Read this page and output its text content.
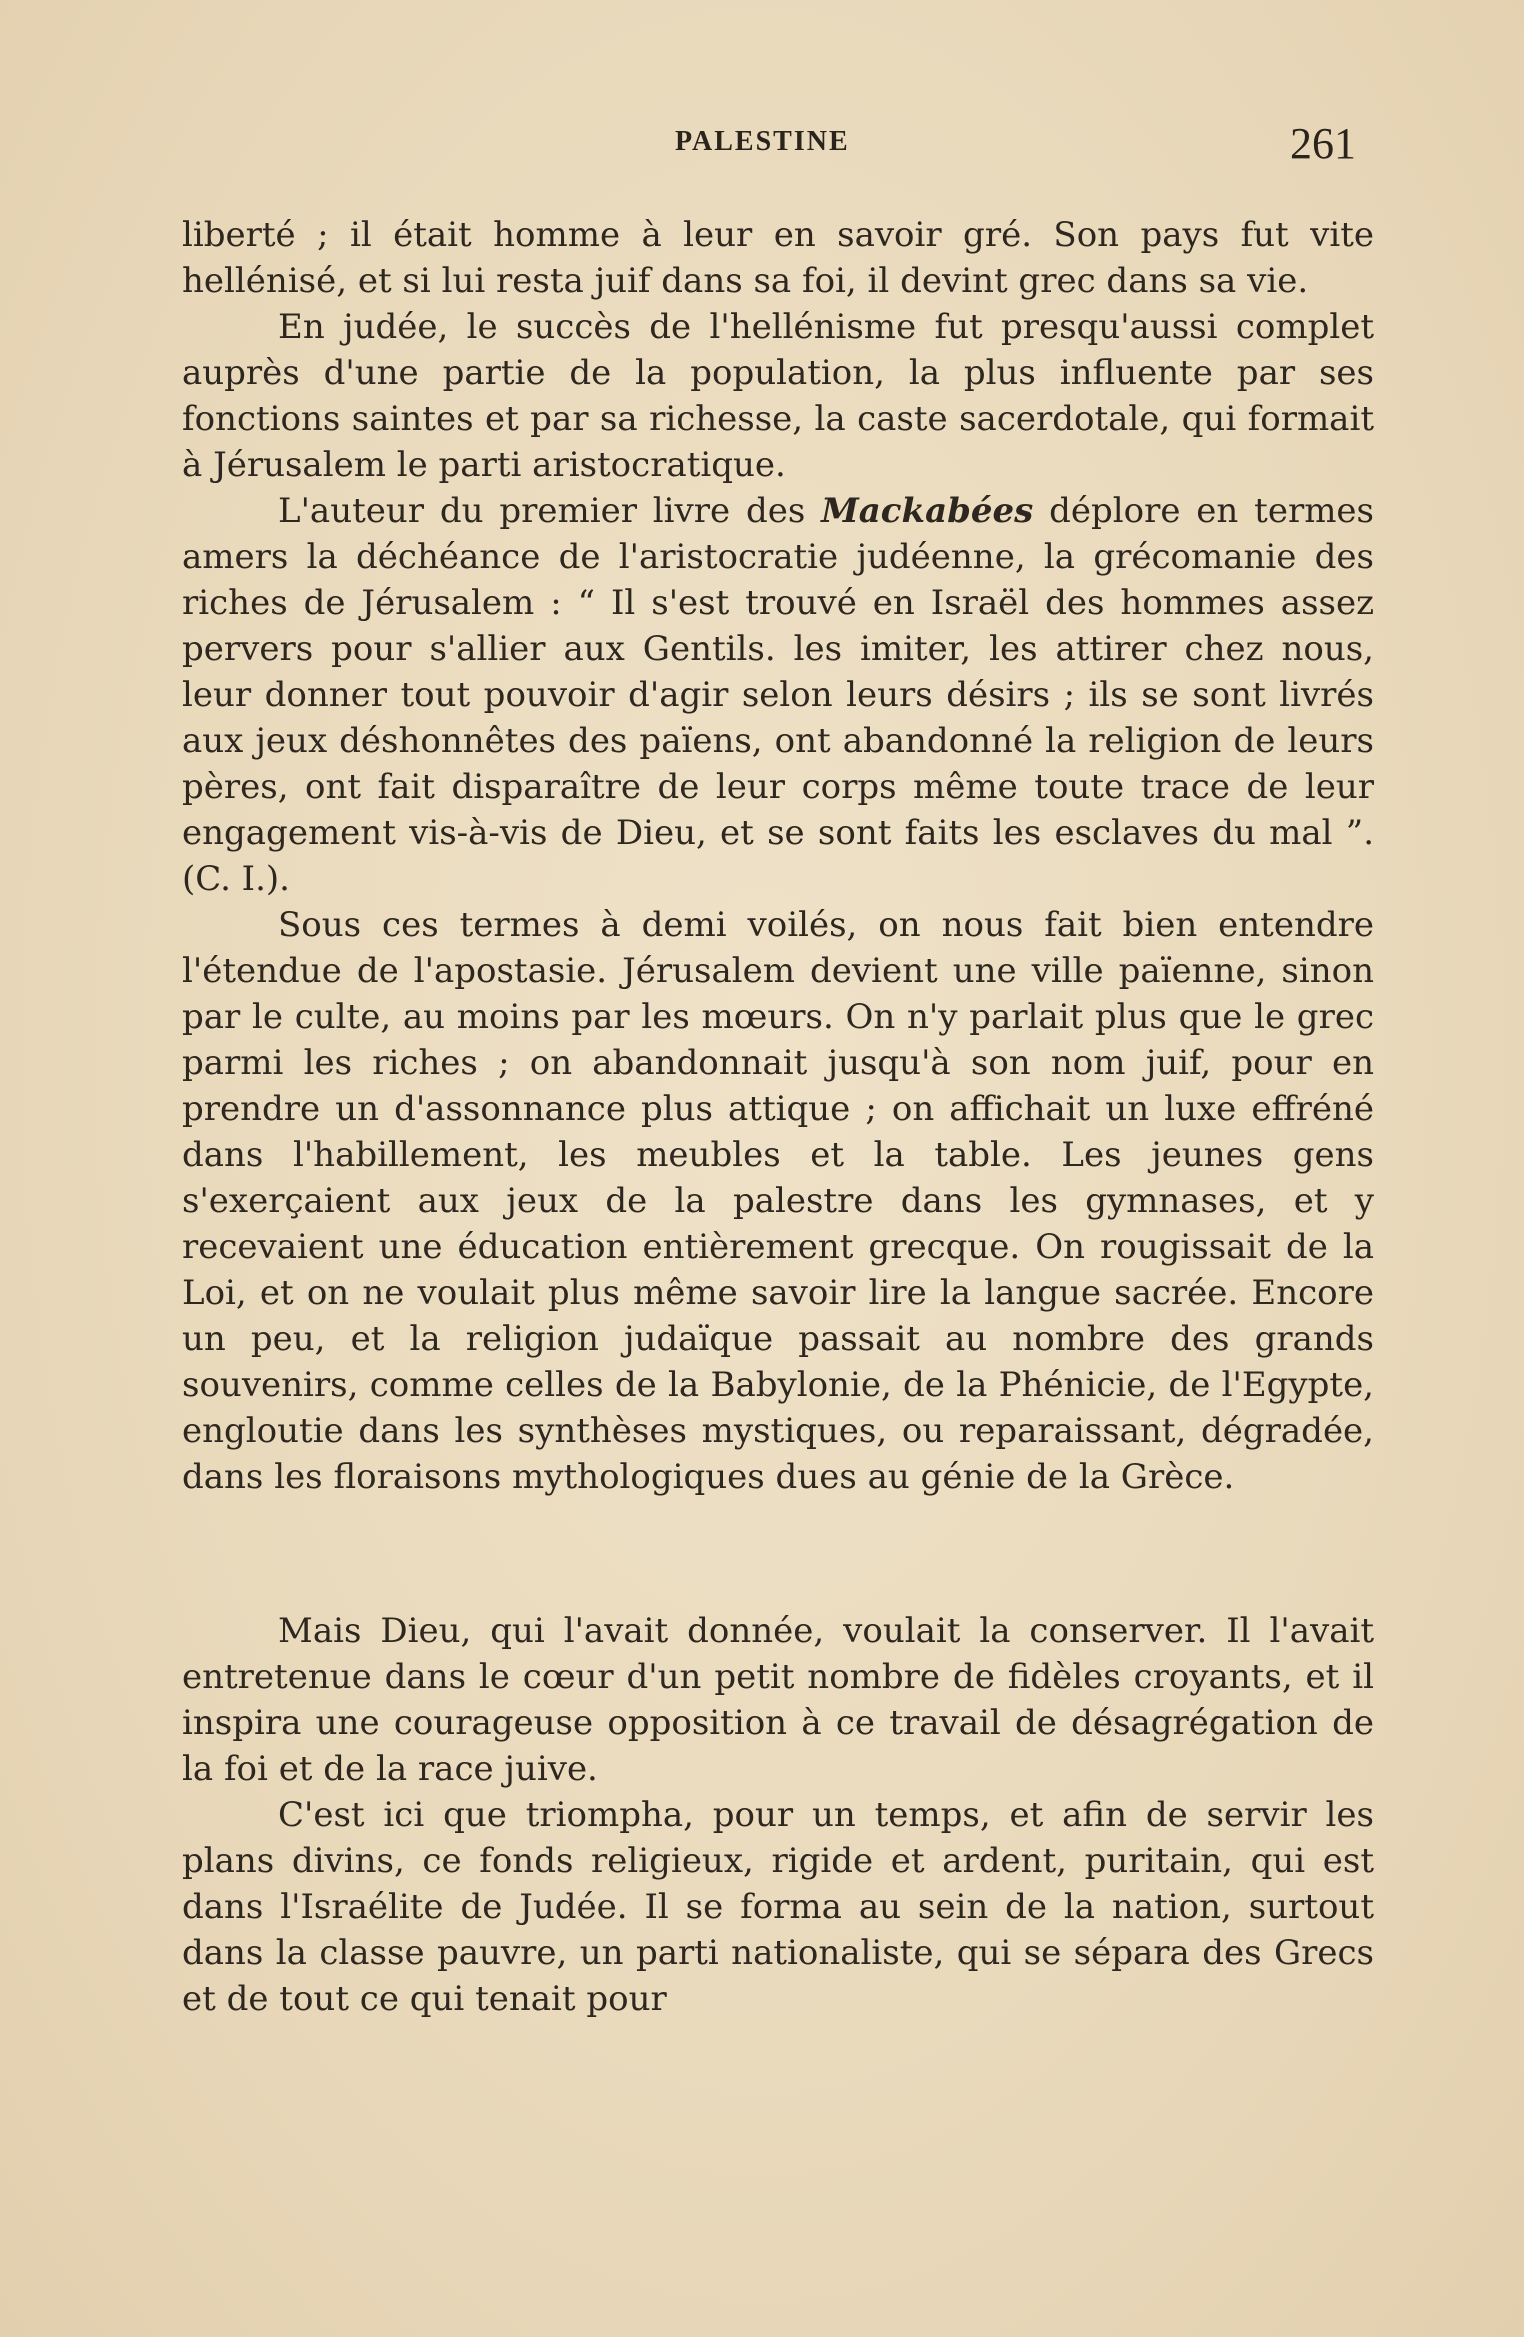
PALESTINE	261

liberté ; il était homme à leur en savoir gré. Son pays fut vite hellénisé, et si lui resta juif dans sa foi, il devint grec dans sa vie.

En judée, le succès de l'hellénisme fut presqu'aussi complet auprès d'une partie de la population, la plus influente par ses fonctions saintes et par sa richesse, la caste sacerdotale, qui formait à Jérusalem le parti aristocratique.

L'auteur du premier livre des Mackabées déplore en termes amers la déchéance de l'aristocratie judéenne, la grécomanie des riches de Jérusalem : “ Il s'est trouvé en Israël des hommes assez pervers pour s'allier aux Gentils. les imiter, les attirer chez nous, leur donner tout pouvoir d'agir selon leurs désirs ; ils se sont livrés aux jeux déshonnêtes des païens, ont abandonné la religion de leurs pères, ont fait disparaître de leur corps même toute trace de leur engagement vis-à-vis de Dieu, et se sont faits les esclaves du mal ”. (C. I.).

Sous ces termes à demi voilés, on nous fait bien entendre l'étendue de l'apostasie. Jérusalem devient une ville païenne, sinon par le culte, au moins par les mœurs. On n'y parlait plus que le grec parmi les riches ; on abandonnait jusqu'à son nom juif, pour en prendre un d'assonnance plus attique ; on affichait un luxe effréné dans l'habillement, les meubles et la table. Les jeunes gens s'exerçaient aux jeux de la palestre dans les gymnases, et y recevaient une éducation entièrement grecque. On rougissait de la Loi, et on ne voulait plus même savoir lire la langue sacrée. Encore un peu, et la religion judaïque passait au nombre des grands souvenirs, comme celles de la Babylonie, de la Phénicie, de l'Egypte, engloutie dans les synthèses mystiques, ou reparaissant, dégradée, dans les floraisons mythologiques dues au génie de la Grèce.

Mais Dieu, qui l'avait donnée, voulait la conserver. Il l'avait entretenue dans le cœur d'un petit nombre de fidèles croyants, et il inspira une courageuse opposition à ce travail de désagrégation de la foi et de la race juive.

C'est ici que triompha, pour un temps, et afin de servir les plans divins, ce fonds religieux, rigide et ardent, puritain, qui est dans l'Israélite de Judée. Il se forma au sein de la nation, surtout dans la classe pauvre, un parti nationaliste, qui se sépara des Grecs et de tout ce qui tenait pour
